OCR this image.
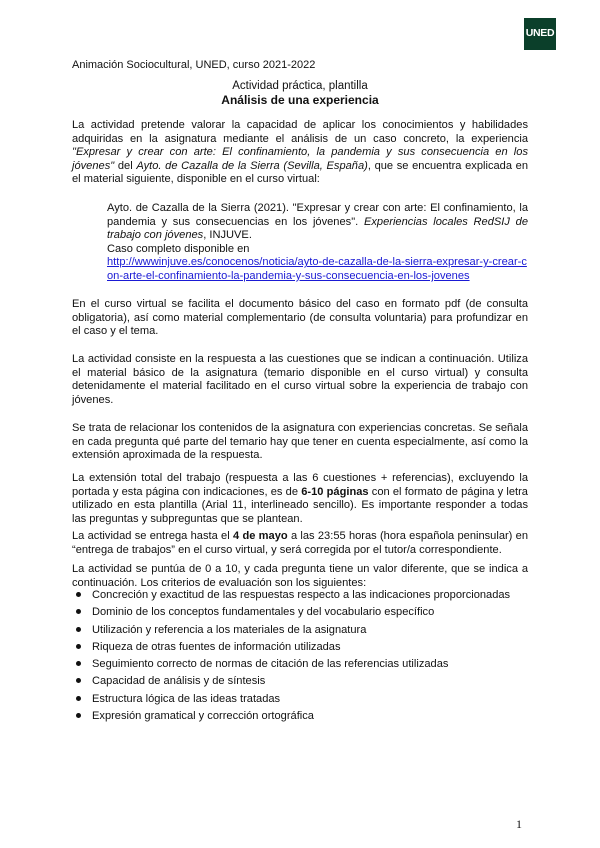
UNED
Animación Sociocultural, UNED, curso 2021-2022
Actividad práctica, plantilla
Análisis de una experiencia
La actividad pretende valorar la capacidad de aplicar los conocimientos y habilidades adquiridas en la asignatura mediante el análisis de un caso concreto, la experiencia "Expresar y crear con arte: El confinamiento, la pandemia y sus consecuencia en los jóvenes" del Ayto. de Cazalla de la Sierra (Sevilla, España), que se encuentra explicada en el material siguiente, disponible en el curso virtual:
Ayto. de Cazalla de la Sierra (2021). "Expresar y crear con arte: El confinamiento, la pandemia y sus consecuencias en los jóvenes". Experiencias locales RedSIJ de trabajo con jóvenes, INJUVE.
Caso completo disponible en
http://wwwinjuve.es/conocenos/noticia/ayto-de-cazalla-de-la-sierra-expresar-y-crear-con-arte-el-confinamiento-la-pandemia-y-sus-consecuencia-en-los-jovenes
En el curso virtual se facilita el documento básico del caso en formato pdf (de consulta obligatoria), así como material complementario (de consulta voluntaria) para profundizar en el caso y el tema.
La actividad consiste en la respuesta a las cuestiones que se indican a continuación. Utiliza el material básico de la asignatura (temario disponible en el curso virtual) y consulta detenidamente el material facilitado en el curso virtual sobre la experiencia de trabajo con jóvenes.
Se trata de relacionar los contenidos de la asignatura con experiencias concretas. Se señala en cada pregunta qué parte del temario hay que tener en cuenta especialmente, así como la extensión aproximada de la respuesta.
La extensión total del trabajo (respuesta a las 6 cuestiones + referencias), excluyendo la portada y esta página con indicaciones, es de 6-10 páginas con el formato de página y letra utilizado en esta plantilla (Arial 11, interlineado sencillo). Es importante responder a todas las preguntas y subpreguntas que se plantean.
La actividad se entrega hasta el 4 de mayo a las 23:55 horas (hora española peninsular) en “entrega de trabajos” en el curso virtual, y será corregida por el tutor/a correspondiente.
La actividad se puntúa de 0 a 10, y cada pregunta tiene un valor diferente, que se indica a continuación. Los criterios de evaluación son los siguientes:
Concreción y exactitud de las respuestas respecto a las indicaciones proporcionadas
Dominio de los conceptos fundamentales y del vocabulario específico
Utilización y referencia a los materiales de la asignatura
Riqueza de otras fuentes de información utilizadas
Seguimiento correcto de normas de citación de las referencias utilizadas
Capacidad de análisis y de síntesis
Estructura lógica de las ideas tratadas
Expresión gramatical y corrección ortográfica
1
